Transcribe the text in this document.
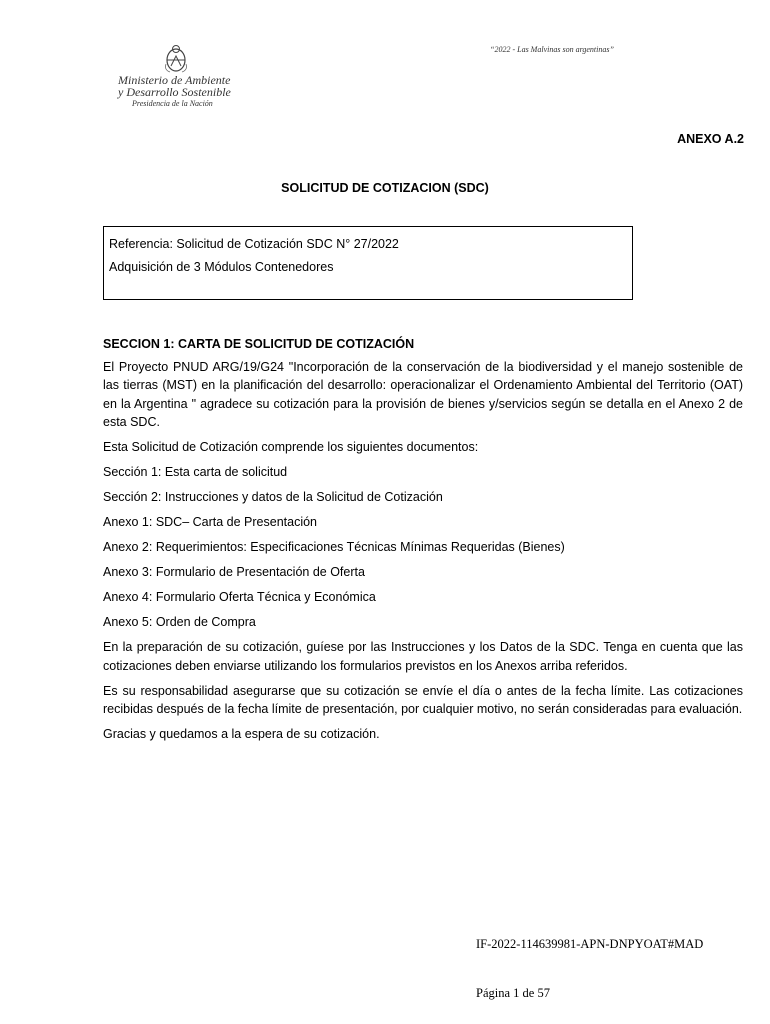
“2022 - Las Malvinas son argentinas”
Ministerio de Ambiente
y Desarrollo Sostenible
Presidencia de la Nación
ANEXO A.2
SOLICITUD DE COTIZACION (SDC)
Referencia: Solicitud de Cotización SDC N° 27/2022
Adquisición de 3 Módulos Contenedores
SECCION 1: CARTA DE SOLICITUD DE COTIZACIÓN

El Proyecto PNUD ARG/19/G24 "Incorporación de la conservación de la biodiversidad y el manejo sostenible de las tierras (MST) en la planificación del desarrollo: operacionalizar el Ordenamiento Ambiental del Territorio (OAT) en la Argentina " agradece su cotización para la provisión de bienes y/servicios según se detalla en el Anexo 2 de esta SDC.

Esta Solicitud de Cotización comprende los siguientes documentos:

Sección 1: Esta carta de solicitud
Sección 2: Instrucciones y datos de la Solicitud de Cotización
Anexo 1: SDC– Carta de Presentación
Anexo 2: Requerimientos: Especificaciones Técnicas Mínimas Requeridas (Bienes)
Anexo 3: Formulario de Presentación de Oferta
Anexo 4: Formulario Oferta Técnica y Económica
Anexo 5: Orden de Compra

En la preparación de su cotización, guíese por las Instrucciones y los Datos de la SDC. Tenga en cuenta que las cotizaciones deben enviarse utilizando los formularios previstos en los Anexos arriba referidos.

Es su responsabilidad asegurarse que su cotización se envíe el día o antes de la fecha límite. Las cotizaciones recibidas después de la fecha límite de presentación, por cualquier motivo, no serán consideradas para evaluación.

Gracias y quedamos a la espera de su cotización.

IF-2022-114639981-APN-DNPYOAT#MAD
Página 1 de 57
